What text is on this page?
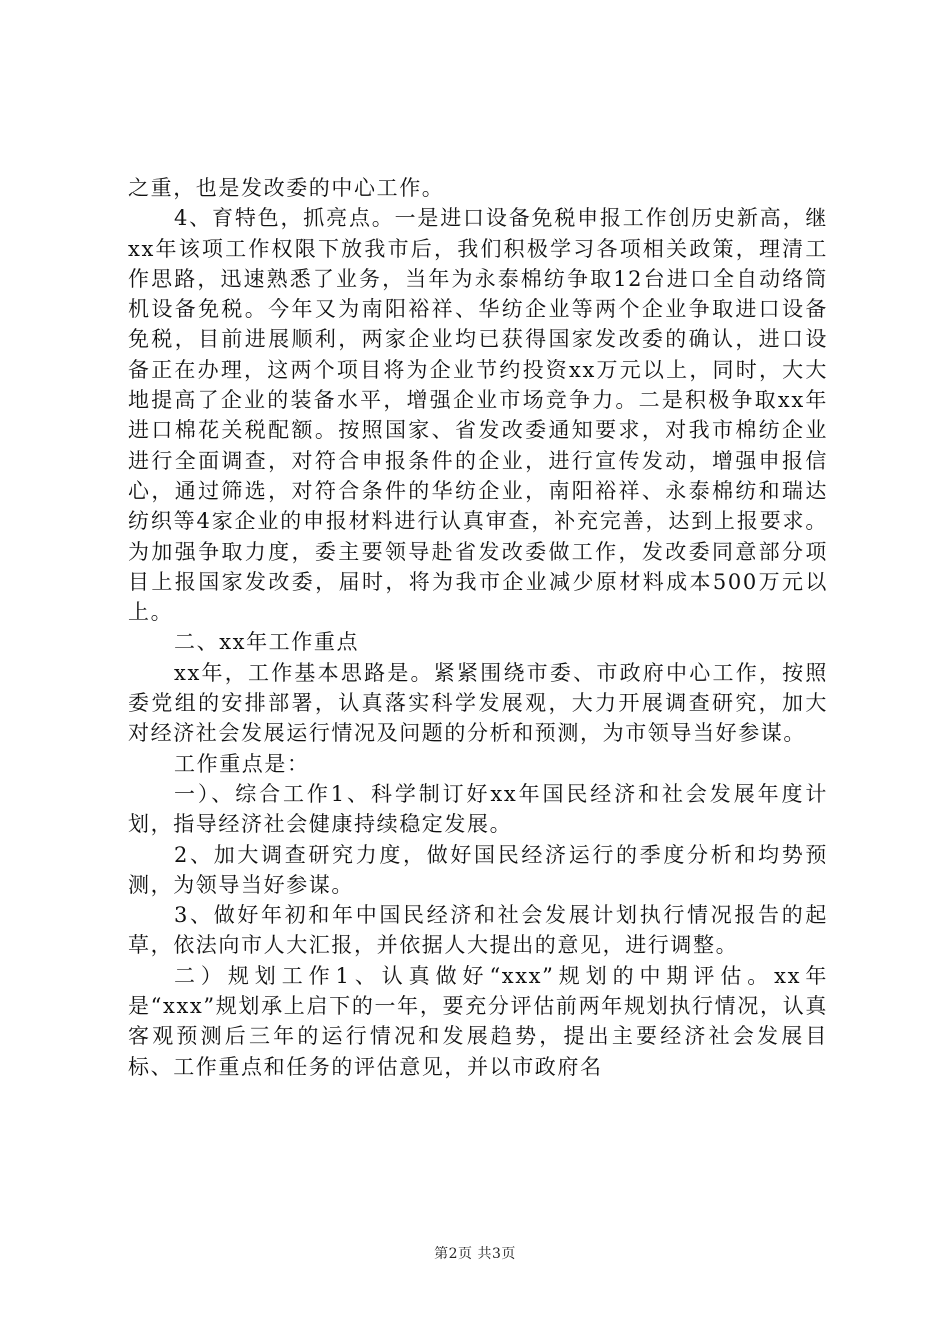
之重，也是发改委的中心工作。

4、育特色，抓亮点。一是进口设备免税申报工作创历史新高，继xx年该项工作权限下放我市后，我们积极学习各项相关政策，理清工作思路，迅速熟悉了业务，当年为永泰棉纺争取12台进口全自动络筒机设备免税。今年又为南阳裕祥、华纺企业等两个企业争取进口设备免税，目前进展顺利，两家企业均已获得国家发改委的确认，进口设备正在办理，这两个项目将为企业节约投资xx万元以上，同时，大大地提高了企业的装备水平，增强企业市场竞争力。二是积极争取xx年进口棉花关税配额。按照国家、省发改委通知要求，对我市棉纺企业进行全面调查，对符合申报条件的企业，进行宣传发动，增强申报信心，通过筛选，对符合条件的华纺企业，南阳裕祥、永泰棉纺和瑞达纺织等4家企业的申报材料进行认真审查，补充完善，达到上报要求。为加强争取力度，委主要领导赴省发改委做工作，发改委同意部分项目上报国家发改委，届时，将为我市企业减少原材料成本500万元以上。

二、xx年工作重点

xx年，工作基本思路是。紧紧围绕市委、市政府中心工作，按照委党组的安排部署，认真落实科学发展观，大力开展调查研究，加大对经济社会发展运行情况及问题的分析和预测，为市领导当好参谋。

工作重点是：

一）、综合工作1、科学制订好xx年国民经济和社会发展年度计划，指导经济社会健康持续稳定发展。

2、加大调查研究力度，做好国民经济运行的季度分析和均势预测，为领导当好参谋。

3、做好年初和年中国民经济和社会发展计划执行情况报告的起草，依法向市人大汇报，并依据人大提出的意见，进行调整。

二）规划工作1、认真做好“xxx”规划的中期评估。xx年是“xxx”规划承上启下的一年，要充分评估前两年规划执行情况，认真客观预测后三年的运行情况和发展趋势，提出主要经济社会发展目标、工作重点和任务的评估意见，并以市政府名

第2页 共3页
